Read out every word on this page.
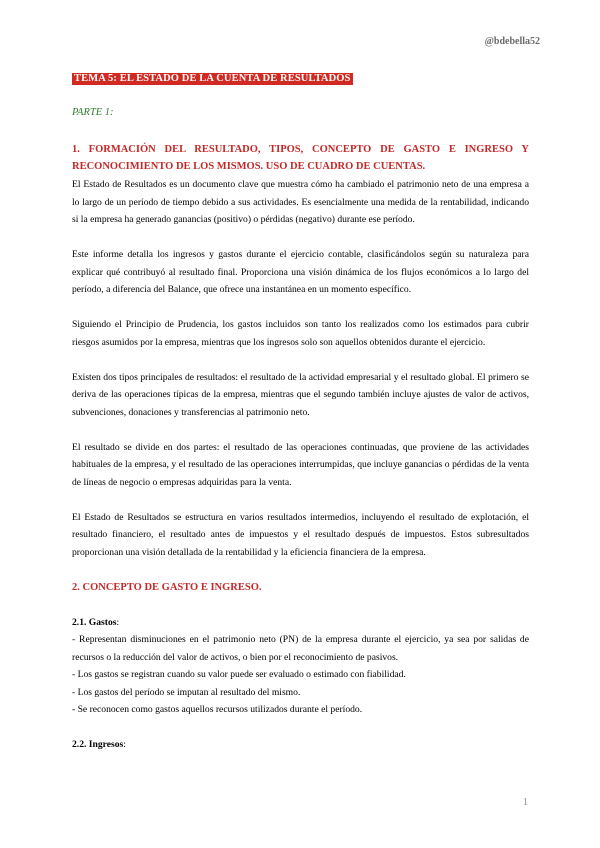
@bdebella52
TEMA 5: EL ESTADO DE LA CUENTA DE RESULTADOS
PARTE 1:
1. FORMACIÓN DEL RESULTADO, TIPOS, CONCEPTO DE GASTO E INGRESO Y RECONOCIMIENTO DE LOS MISMOS. USO DE CUADRO DE CUENTAS.

El Estado de Resultados es un documento clave que muestra cómo ha cambiado el patrimonio neto de una empresa a lo largo de un período de tiempo debido a sus actividades. Es esencialmente una medida de la rentabilidad, indicando si la empresa ha generado ganancias (positivo) o pérdidas (negativo) durante ese período.

Este informe detalla los ingresos y gastos durante el ejercicio contable, clasificándolos según su naturaleza para explicar qué contribuyó al resultado final. Proporciona una visión dinámica de los flujos económicos a lo largo del período, a diferencia del Balance, que ofrece una instantánea en un momento específico.

Siguiendo el Principio de Prudencia, los gastos incluidos son tanto los realizados como los estimados para cubrir riesgos asumidos por la empresa, mientras que los ingresos solo son aquellos obtenidos durante el ejercicio.

Existen dos tipos principales de resultados: el resultado de la actividad empresarial y el resultado global. El primero se deriva de las operaciones típicas de la empresa, mientras que el segundo también incluye ajustes de valor de activos, subvenciones, donaciones y transferencias al patrimonio neto.

El resultado se divide en dos partes: el resultado de las operaciones continuadas, que proviene de las actividades habituales de la empresa, y el resultado de las operaciones interrumpidas, que incluye ganancias o pérdidas de la venta de líneas de negocio o empresas adquiridas para la venta.

El Estado de Resultados se estructura en varios resultados intermedios, incluyendo el resultado de explotación, el resultado financiero, el resultado antes de impuestos y el resultado después de impuestos. Estos subresultados proporcionan una visión detallada de la rentabilidad y la eficiencia financiera de la empresa.

2. CONCEPTO DE GASTO E INGRESO.

2.1. Gastos:

- Representan disminuciones en el patrimonio neto (PN) de la empresa durante el ejercicio, ya sea por salidas de recursos o la reducción del valor de activos, o bien por el reconocimiento de pasivos.

- Los gastos se registran cuando su valor puede ser evaluado o estimado con fiabilidad.

- Los gastos del período se imputan al resultado del mismo.

- Se reconocen como gastos aquellos recursos utilizados durante el período.

2.2. Ingresos:

1
